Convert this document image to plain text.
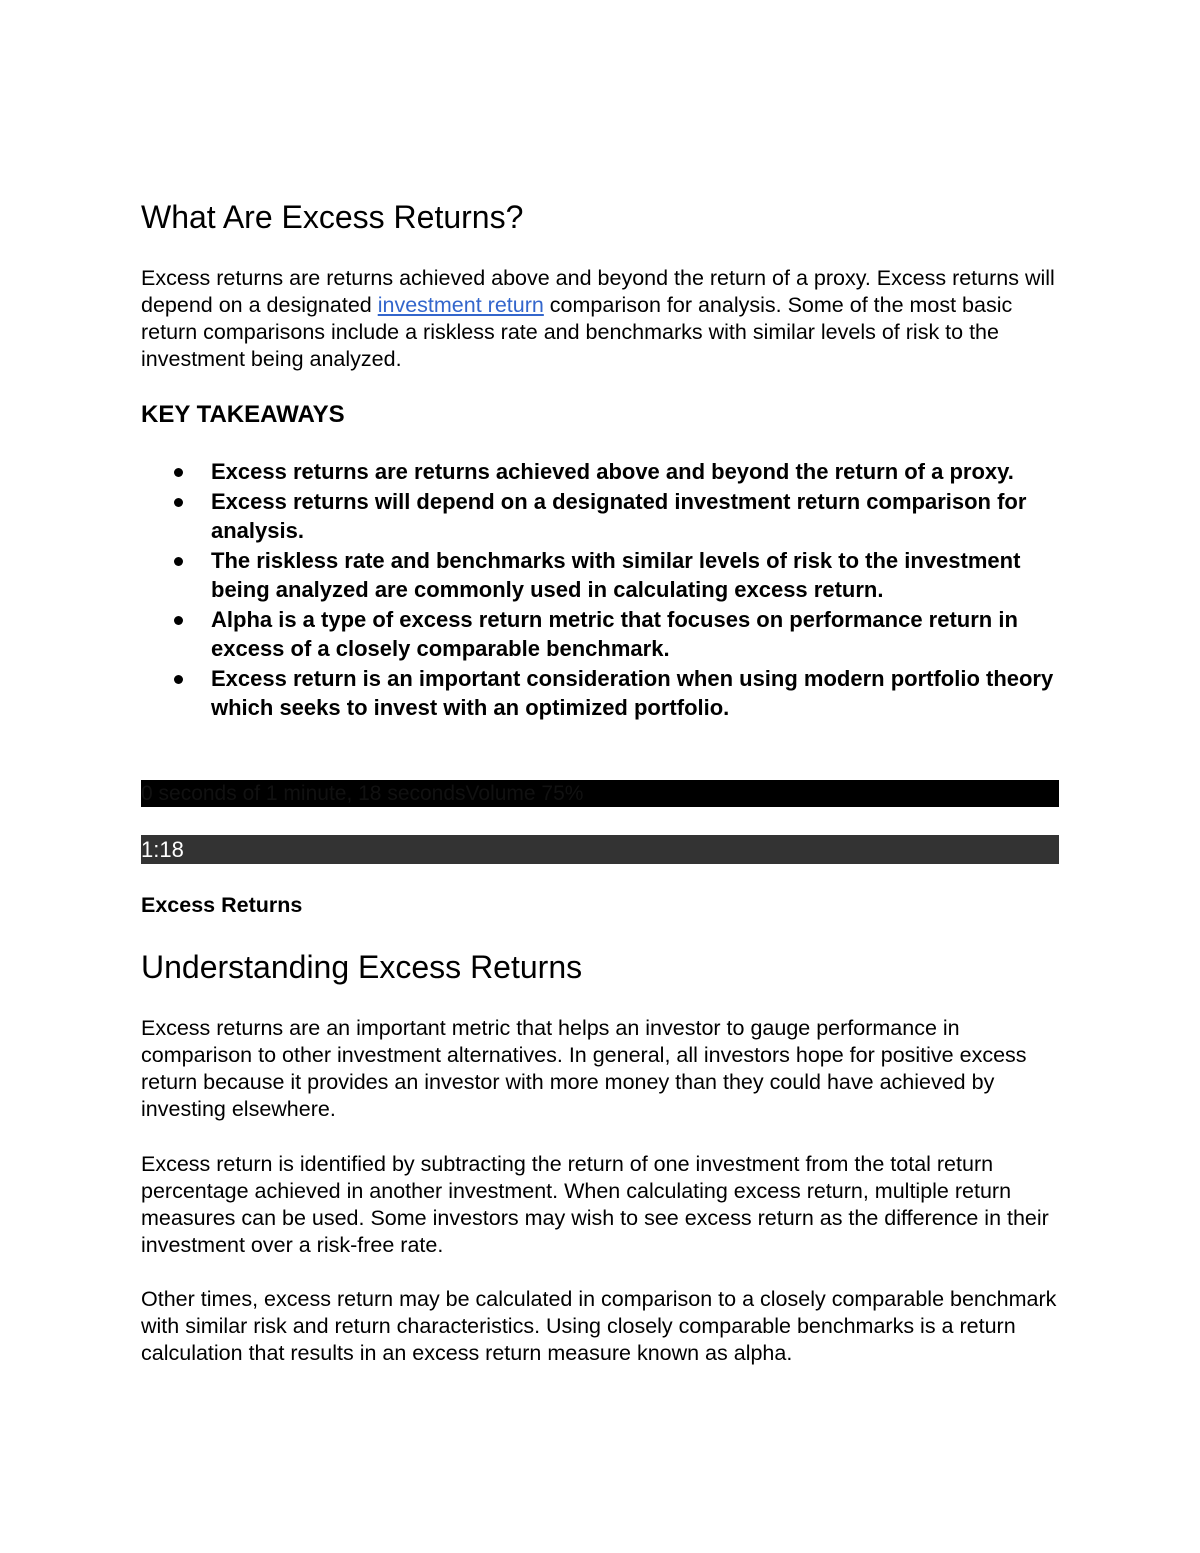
What Are Excess Returns?

Excess returns are returns achieved above and beyond the return of a proxy. Excess returns will depend on a designated investment return comparison for analysis. Some of the most basic return comparisons include a riskless rate and benchmarks with similar levels of risk to the investment being analyzed.

KEY TAKEAWAYS
Excess returns are returns achieved above and beyond the return of a proxy.
Excess returns will depend on a designated investment return comparison for analysis.
The riskless rate and benchmarks with similar levels of risk to the investment being analyzed are commonly used in calculating excess return.
Alpha is a type of excess return metric that focuses on performance return in excess of a closely comparable benchmark.
Excess return is an important consideration when using modern portfolio theory which seeks to invest with an optimized portfolio.
0 seconds of 1 minute, 18 secondsVolume 75%
1:18

Excess Returns

Understanding Excess Returns

Excess returns are an important metric that helps an investor to gauge performance in comparison to other investment alternatives. In general, all investors hope for positive excess return because it provides an investor with more money than they could have achieved by investing elsewhere.

Excess return is identified by subtracting the return of one investment from the total return percentage achieved in another investment. When calculating excess return, multiple return measures can be used. Some investors may wish to see excess return as the difference in their investment over a risk-free rate.

Other times, excess return may be calculated in comparison to a closely comparable benchmark with similar risk and return characteristics. Using closely comparable benchmarks is a return calculation that results in an excess return measure known as alpha.
